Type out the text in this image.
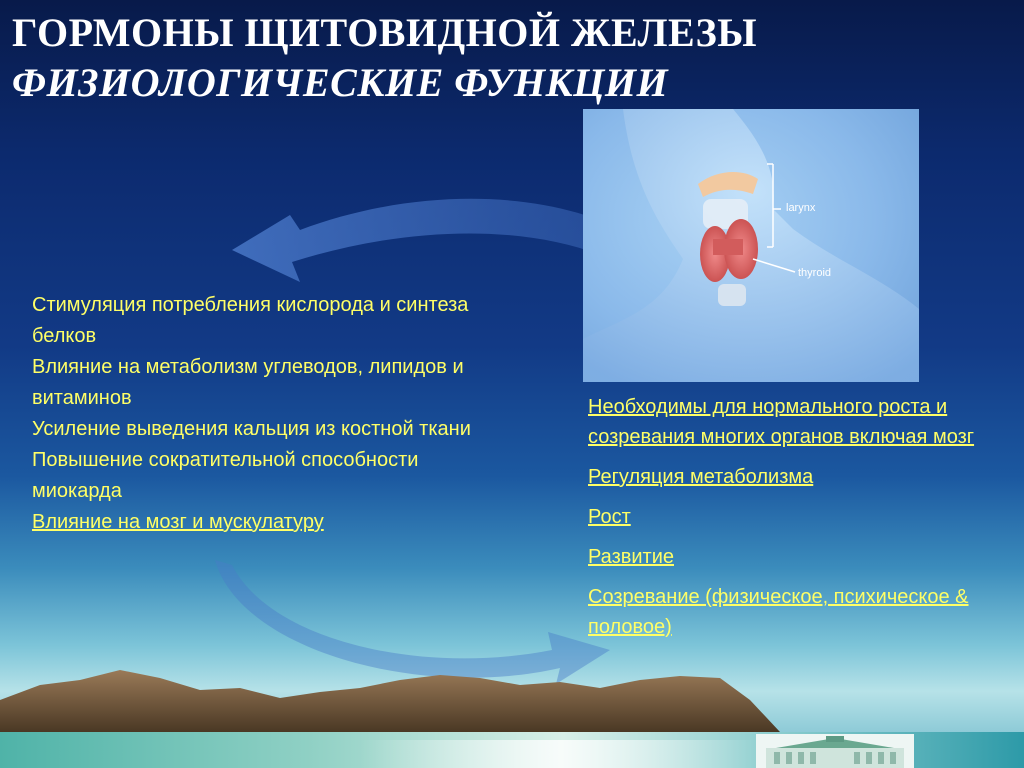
ГОРМОНЫ ЩИТОВИДНОЙ ЖЕЛЕЗЫ
ФИЗИОЛОГИЧЕСКИЕ ФУНКЦИИ
larynx
thyroid
Стимуляция потребления кислорода и синтеза белков
Влияние на метаболизм углеводов, липидов и витаминов
Усиление выведения кальция из костной ткани
Повышение сократительной способности миокарда
Влияние на мозг и мускулатуру
Необходимы для нормального роста и созревания многих органов включая мозг
Регуляция метаболизма
Рост
Развитие
Созревание (физическое, психическое & половое)
